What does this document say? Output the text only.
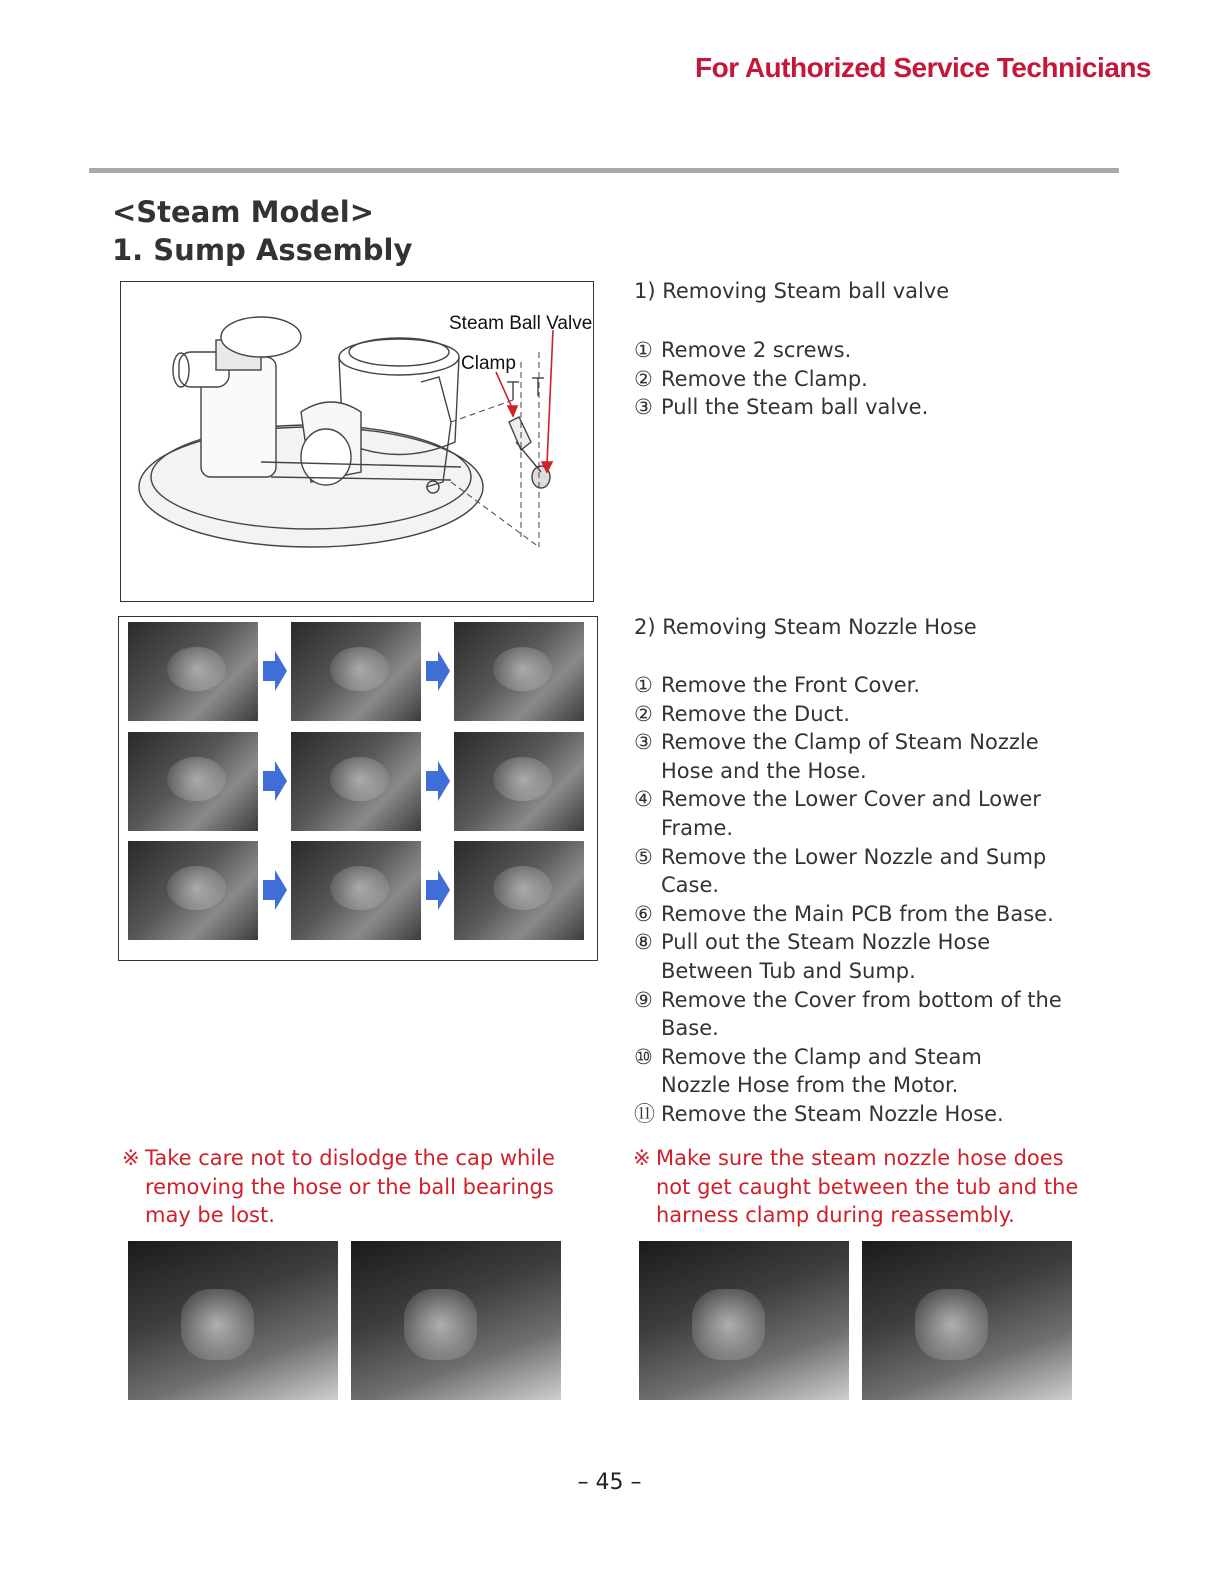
For Authorized Service Technicians
<Steam Model>
1. Sump Assembly
Steam Ball Valve
Clamp
1) Removing Steam ball valve
① Remove 2 screws.
② Remove the Clamp.
③ Pull the Steam ball valve.
2) Removing Steam Nozzle Hose
① Remove the Front Cover.
② Remove the Duct.
③ Remove the Clamp of Steam Nozzle Hose and the Hose.
④ Remove the Lower Cover and Lower Frame.
⑤ Remove the Lower Nozzle and Sump Case.
⑥ Remove the Main PCB from the Base.
⑧ Pull out the Steam Nozzle Hose Between Tub and Sump.
⑨ Remove the Cover from bottom of the Base.
⑩ Remove the Clamp and Steam Nozzle Hose from the Motor.
⑪ Remove the Steam Nozzle Hose.
※ Take care not to dislodge the cap while removing the hose or the ball bearings may be lost.
※ Make sure the steam nozzle hose does not get caught between the tub and the harness clamp during reassembly.
– 45 –
